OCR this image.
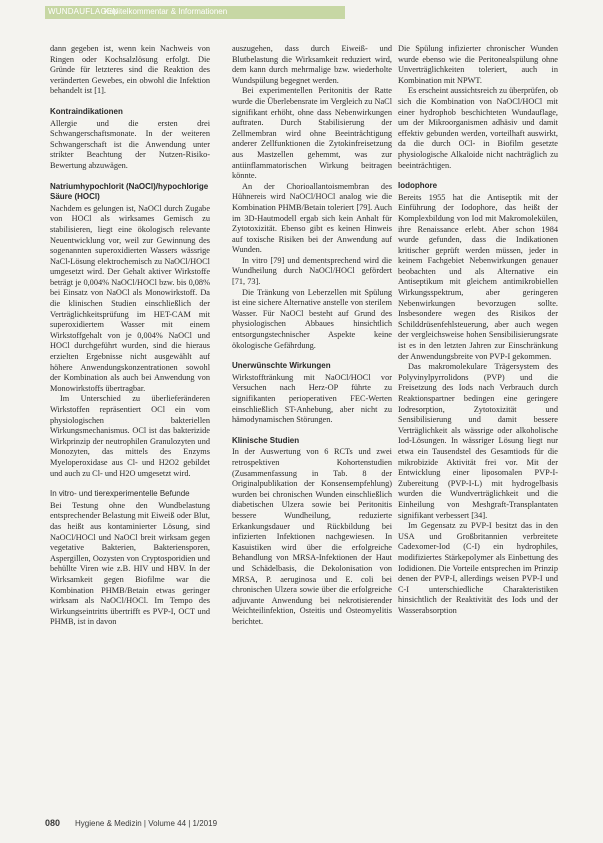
WUNDAUFLAGEN
Kapitelkommentar & Informationen

dann gegeben ist, wenn kein Nachweis von Ringen oder Kochsalzlösung erfolgt. Die Gründe für letzteres sind die Reaktion des veränderten Gewebes, ein obwohl die Infektion behandelt ist [1].

Kontraindikationen

Allergie und die ersten drei Schwangerschaftsmonate. In der weiteren Schwangerschaft ist die Anwendung unter strikter Beachtung der Nutzen-Risiko-Bewertung abzuwägen.

Natriumhypochlorit (NaOCl)/hypochlorige Säure (HOCl)

Nachdem es gelungen ist, NaOCl durch Zugabe von HOCl als wirksames Gemisch zu stabilisieren, liegt eine ökologisch relevante Neuentwicklung vor, weil zur Gewinnung des sogenannten superoxidierten Wassers wässrige NaCl-Lösung elektrochemisch zu NaOCl/HOCl umgesetzt wird. Der Gehalt aktiver Wirkstoffe beträgt je 0,004% NaOCl/HOCl bzw. bis 0,08% bei Einsatz von NaOCl als Monowirkstoff. Da die klinischen Studien einschließlich der Verträglichkeitsprüfung im HET-CAM mit superoxidiertem Wasser mit einem Wirkstoffgehalt von je 0,004% NaOCl und HOCl durchgeführt wurden, sind die hieraus erzielten Ergebnisse nicht ausgewählt auf höhere Anwendungskonzentrationen sowohl der Kombination als auch bei Anwendung von Monowirkstoffs übertragbar.

Im Unterschied zu überlieferänderen Wirkstoffen repräsentiert OCl ein vom physiologischen bakteriellen Wirkungsmechanismus. OCl ist das bakterizide Wirkprinzip der neutrophilen Granulozyten und Monozyten, das mittels des Enzyms Myeloperoxidase aus Cl- und H2O2 gebildet und auch zu Cl- und H2O umgesetzt wird.

In vitro- und tierexperimentelle Befunde

Bei Testung ohne den Wundbelastung entsprechender Belastung mit Eiweiß oder Blut, das heißt aus kontaminierter Lösung, sind NaOCl/HOCl und NaOCl breit wirksam gegen vegetative Bakterien, Bakteriensporen, Aspergillen, Oozysten von Cryptosporidien und behüllte Viren wie z.B. HIV und HBV. In der Wirksamkeit gegen Biofilme war die Kombination PHMB/Betain etwas geringer wirksam als NaOCl/HOCl. Im Tempo des Wirkungseintritts übertrifft es PVP-I, OCT und PHMB, ist in davon

auszugehen, dass durch Eiweiß- und Blutbelastung die Wirksamkeit reduziert wird, dem kann durch mehrmalige bzw. wiederholte Wundspülung begegnet werden.

Bei experimentellen Peritonitis der Ratte wurde die Überlebensrate im Vergleich zu NaCl signifikant erhöht, ohne dass Nebenwirkungen auftraten. Durch Stabilisierung der Zellmembran wird ohne Beeinträchtigung anderer Zellfunktionen die Zytokinfreisetzung aus Mastzellen gehemmt, was zur antiinflammatorischen Wirkung beitragen könnte.

An der Chorioallantoismembran des Hühnereis wird NaOCl/HOCl analog wie die Kombination PHMB/Betain toleriert [79]. Auch im 3D-Hautmodell ergab sich kein Anhalt für Zytotoxizität. Ebenso gibt es keinen Hinweis auf toxische Risiken bei der Anwendung auf Wunden.

In vitro [79] und dementsprechend wird die Wundheilung durch NaOCl/HOCl gefördert [71, 73].

Die Tränkung von Leberzellen mit Spülung ist eine sichere Alternative anstelle von sterilem Wasser. Für NaOCl besteht auf Grund des physiologischen Abbaues hinsichtlich entsorgungstechnischer Aspekte keine ökologische Gefährdung.

Unerwünschte Wirkungen

Wirkstofftränkung mit NaOCl/HOCl vor Versuchen nach Herz-OP führte zu signifikanten perioperativen FEC-Werten einschließlich ST-Anhebung, aber nicht zu hämodynamischen Störungen.

Klinische Studien

In der Auswertung von 6 RCTs und zwei retrospektiven Kohortenstudien (Zusammenfassung in Tab. 8 der Originalpublikation der Konsensempfehlung) wurden bei chronischen Wunden einschließlich diabetischen Ulzera sowie bei Peritonitis bessere Wundheilung, reduzierte Erkankungsdauer und Rückbildung bei infizierten Infektionen nachgewiesen. In Kasuistiken wird über die erfolgreiche Behandlung von MRSA-Infektionen der Haut und Schädelbasis, die Dekolonisation von MRSA, P. aeruginosa und E. coli bei chronischen Ulzera sowie über die erfolgreiche adjuvante Anwendung bei nekrotisierender Weichteilinfektion, Osteitis und Osteomyelitis berichtet.

Die Spülung infizierter chronischer Wunden wurde ebenso wie die Peritonealspülung ohne Unverträglichkeiten toleriert, auch in Kombination mit NPWT.

Es erscheint aussichtsreich zu überprüfen, ob sich die Kombination von NaOCl/HOCl mit einer hydrophob beschichteten Wundauflage, um der Mikroorganismen adhäsiv und damit effektiv gebunden werden, vorteilhaft auswirkt, da die durch OCl- in Biofilm gesetzte physiologische Alkaloide nicht nachträglich zu beeinträchtigen.

Iodophore

Bereits 1955 hat die Antiseptik mit der Einführung der Iodophore, das heißt der Komplexbildung von Iod mit Makromolekülen, ihre Renaissance erlebt. Aber schon 1984 wurde gefunden, dass die Indikationen kritischer geprüft werden müssen, jeder in keinem Fachgebiet Nebenwirkungen genauer beobachten und als Alternative ein Antiseptikum mit gleichem antimikrobiellen Wirkungsspektrum, aber geringeren Nebenwirkungen bevorzugen sollte. Insbesondere wegen des Risikos der Schilddrüsenfehlsteuerung, aber auch wegen der vergleichsweise hohen Sensibilisierungsrate ist es in den letzten Jahren zur Einschränkung der Anwendungsbreite von PVP-I gekommen.

Das makromolekulare Trägersystem des Polyvinylpyrrolidons (PVP) und die Freisetzung des Iods nach Verbrauch durch Reaktionspartner bedingen eine geringere Iodresorption, Zytotoxizität und Sensibilisierung und damit bessere Verträglichkeit als wässrige oder alkoholische Iod-Lösungen. In wässriger Lösung liegt nur etwa ein Tausendstel des Gesamtiods für die mikrobizide Aktivität frei vor. Mit der Entwicklung einer liposomalen PVP-I-Zubereitung (PVP-I-L) mit hydrogelbasis wurden die Wundverträglichkeit und die Einheilung von Meshgraft-Transplantaten signifikant verbessert [34].

Im Gegensatz zu PVP-I besitzt das in den USA und Großbritannien verbreitete Cadexomer-Iod (C-I) ein hydrophiles, modifiziertes Stärkepolymer als Einbettung des Iodidionen. Die Vorteile entsprechen im Prinzip denen der PVP-I, allerdings weisen PVP-I und C-I unterschiedliche Charakteristiken hinsichtlich der Reaktivität des Iods und der Wasserabsorption

080 Hygiene & Medizin | Volume 44 | 1/2019
